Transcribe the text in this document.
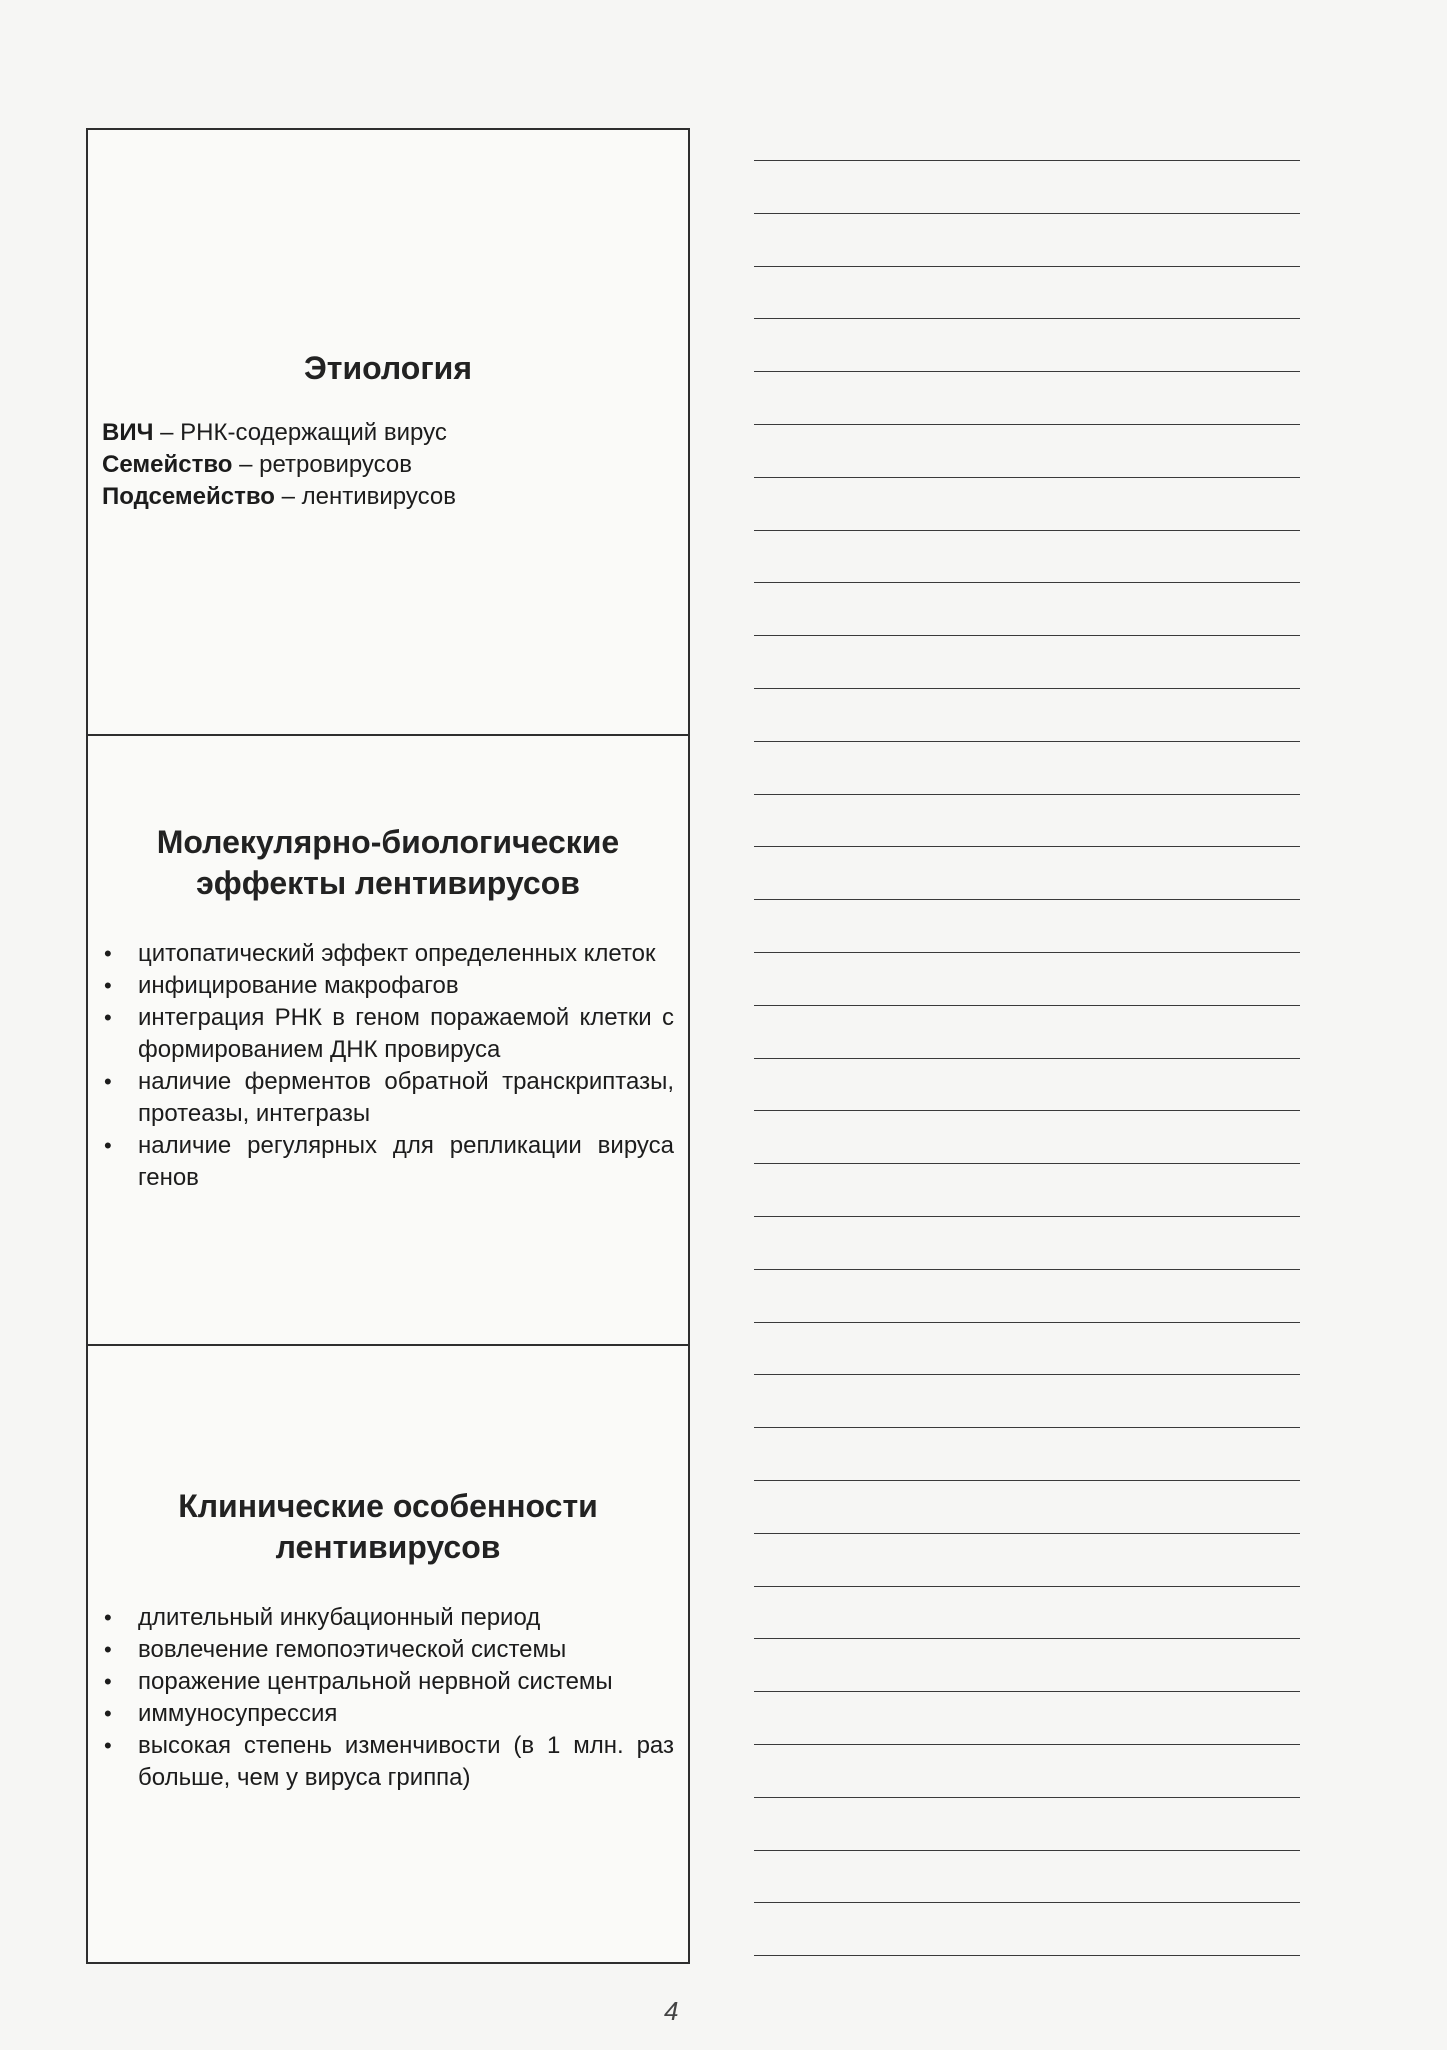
Этиология
ВИЧ – РНК-содержащий вирус
Семейство – ретровирусов
Подсемейство – лентивирусов
Молекулярно-биологические
эффекты лентивирусов
• цитопатический эффект определенных клеток
• инфицирование макрофагов
• интеграция РНК в геном поражаемой клетки с формированием ДНК провируса
• наличие ферментов обратной транскриптазы, протеазы, интегразы
• наличие регулярных для репликации вируса генов
Клинические особенности
лентивирусов
• длительный инкубационный период
• вовлечение гемопоэтической системы
• поражение центральной нервной системы
• иммуносупрессия
• высокая степень изменчивости (в 1 млн. раз больше, чем у вируса гриппа)
4
